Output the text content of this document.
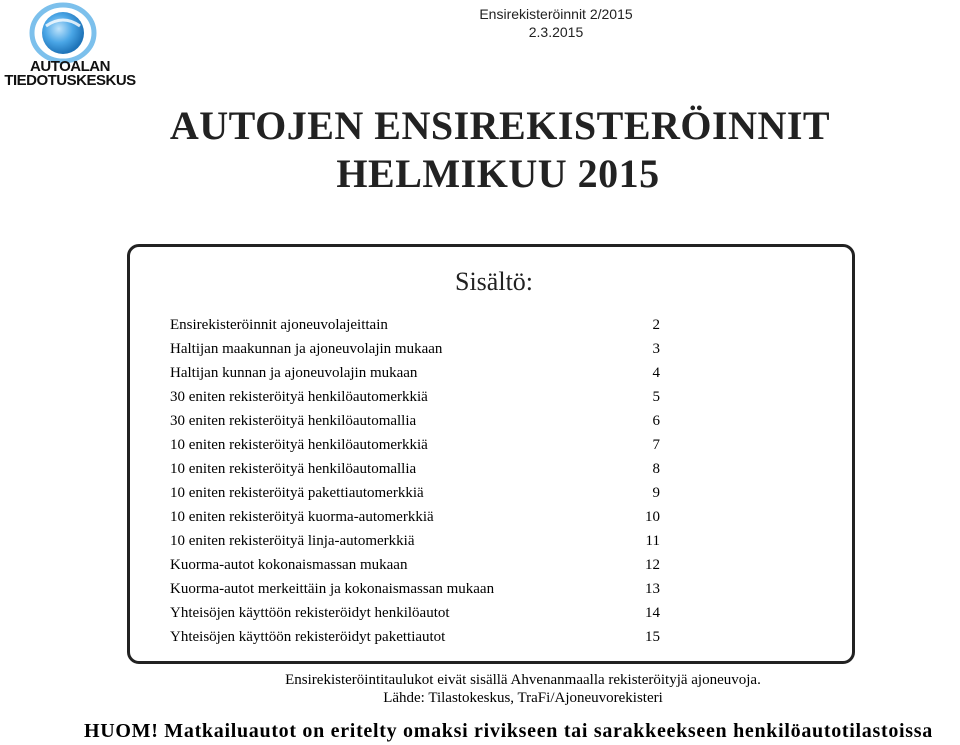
AUTOALAN
TIEDOTUSKESKUS
Ensirekisteröinnit 2/2015
2.3.2015
AUTOJEN ENSIREKISTERÖINNIT
HELMIKUU 2015
Sisältö:
Ensirekisteröinnit ajoneuvolajeittain	2
Haltijan maakunnan ja ajoneuvolajin mukaan	3
Haltijan kunnan ja ajoneuvolajin mukaan	4
30 eniten rekisteröityä henkilöautomerkkiä	5
30 eniten rekisteröityä henkilöautomallia	6
10 eniten rekisteröityä henkilöautomerkkiä	7
10 eniten rekisteröityä henkilöautomallia	8
10 eniten rekisteröityä pakettiautomerkkiä	9
10 eniten rekisteröityä kuorma-automerkkiä	10
10 eniten rekisteröityä linja-automerkkiä	11
Kuorma-autot kokonaismassan mukaan	12
Kuorma-autot merkeittäin ja kokonaismassan mukaan	13
Yhteisöjen käyttöön rekisteröidyt henkilöautot	14
Yhteisöjen käyttöön rekisteröidyt pakettiautot	15
Ensirekisteröintitaulukot eivät sisällä Ahvenanmaalla rekisteröityjä ajoneuvoja.
Lähde: Tilastokeskus, TraFi/Ajoneuvorekisteri
HUOM! Matkailuautot on eritelty omaksi rivikseen tai sarakkeekseen henkilöautotilastoissa
